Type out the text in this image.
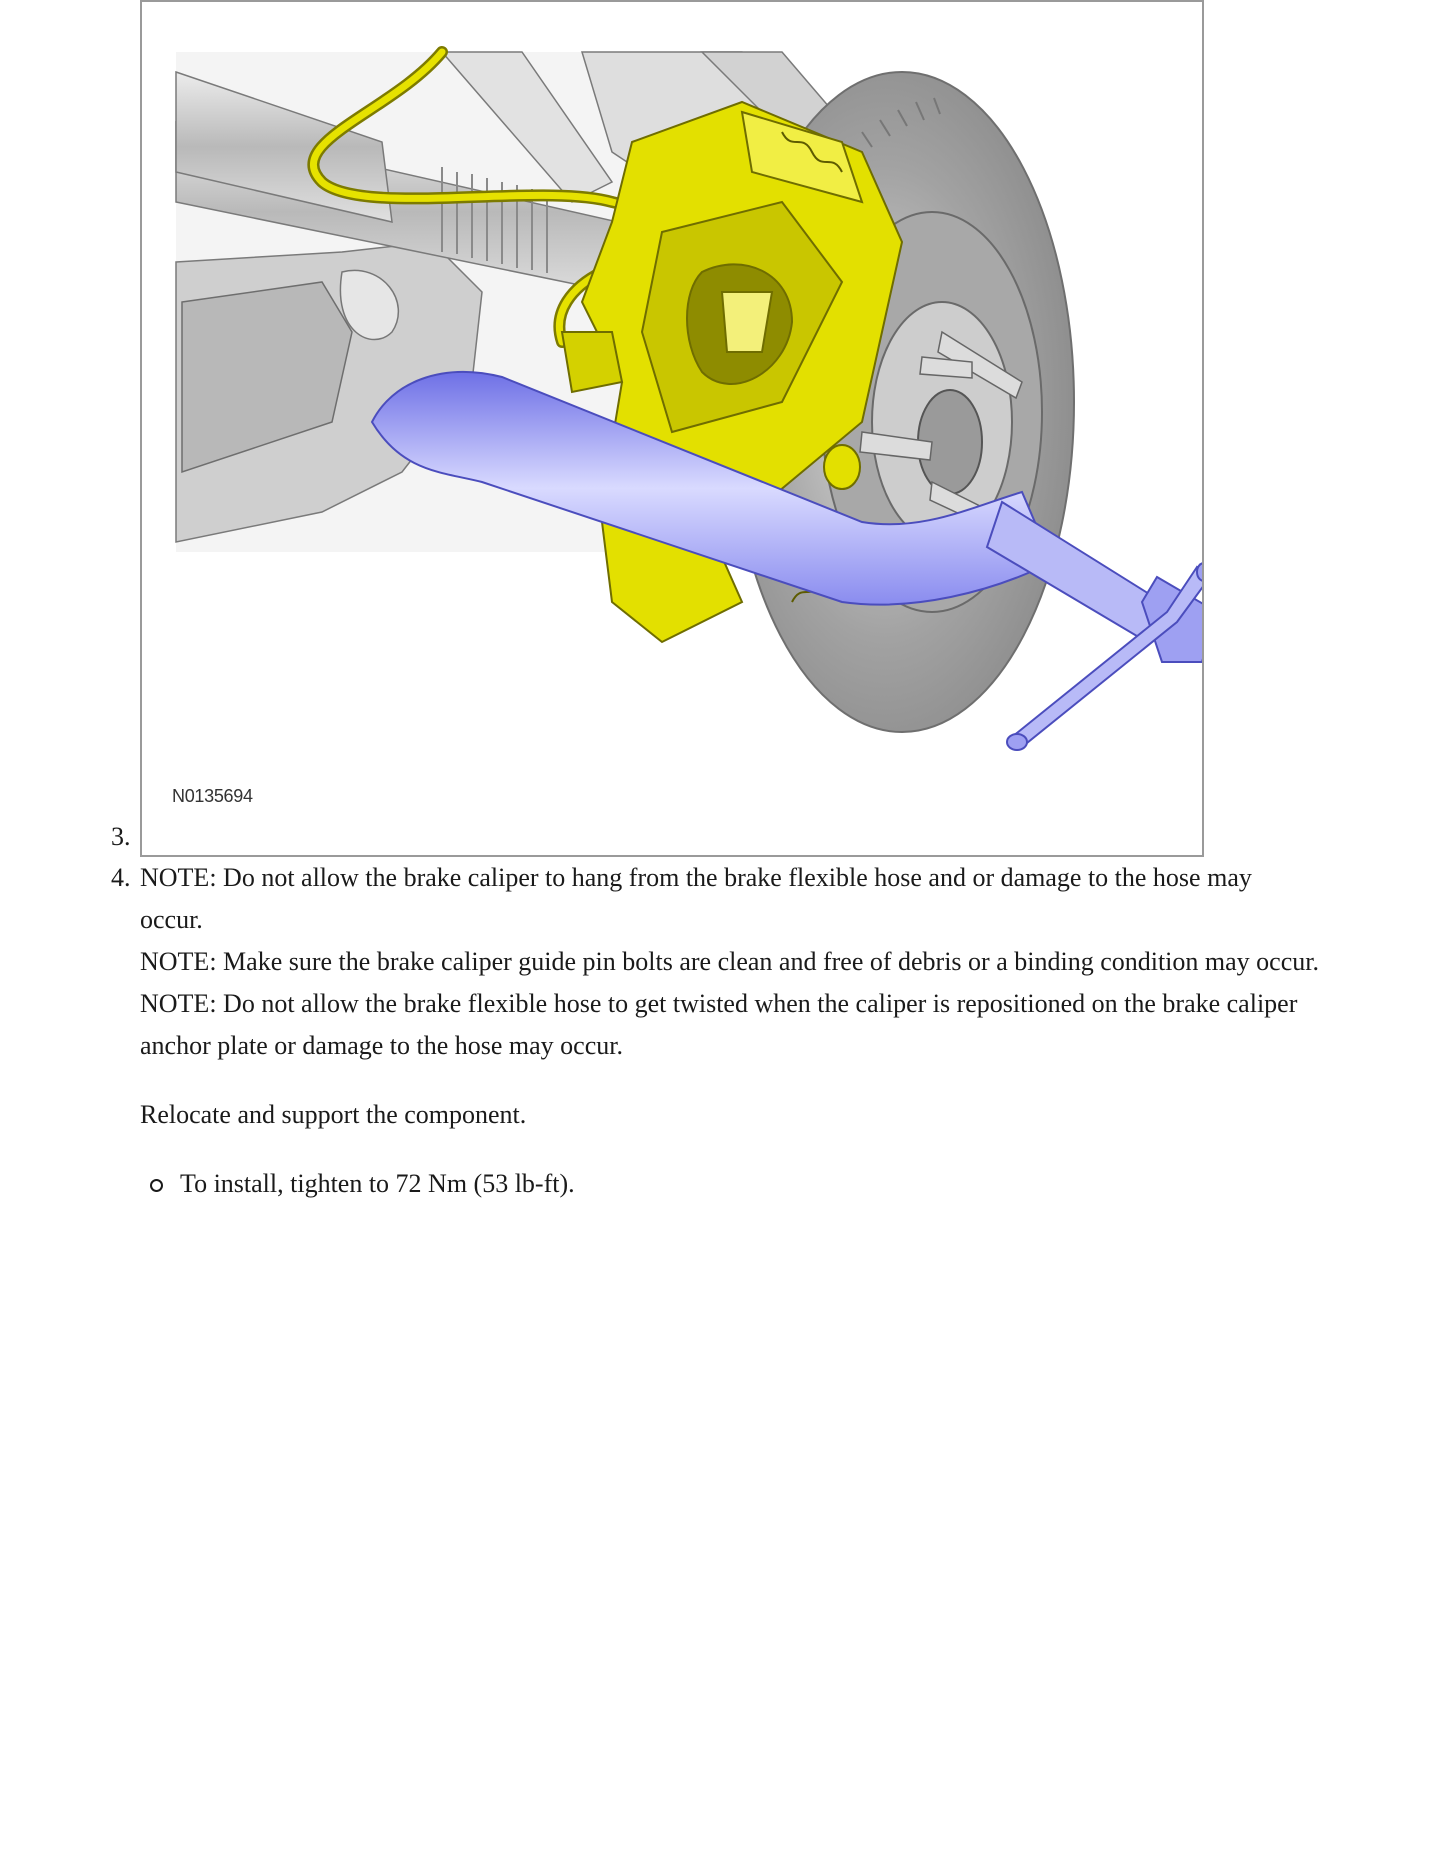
N0135694
3.
4. NOTE: Do not allow the brake caliper to hang from the brake flexible hose and or damage to the hose may occur.

NOTE: Make sure the brake caliper guide pin bolts are clean and free of debris or a binding condition may occur.

NOTE: Do not allow the brake flexible hose to get twisted when the caliper is repositioned on the brake caliper anchor plate or damage to the hose may occur.

Relocate and support the component.

To install, tighten to 72 Nm (53 lb-ft).
